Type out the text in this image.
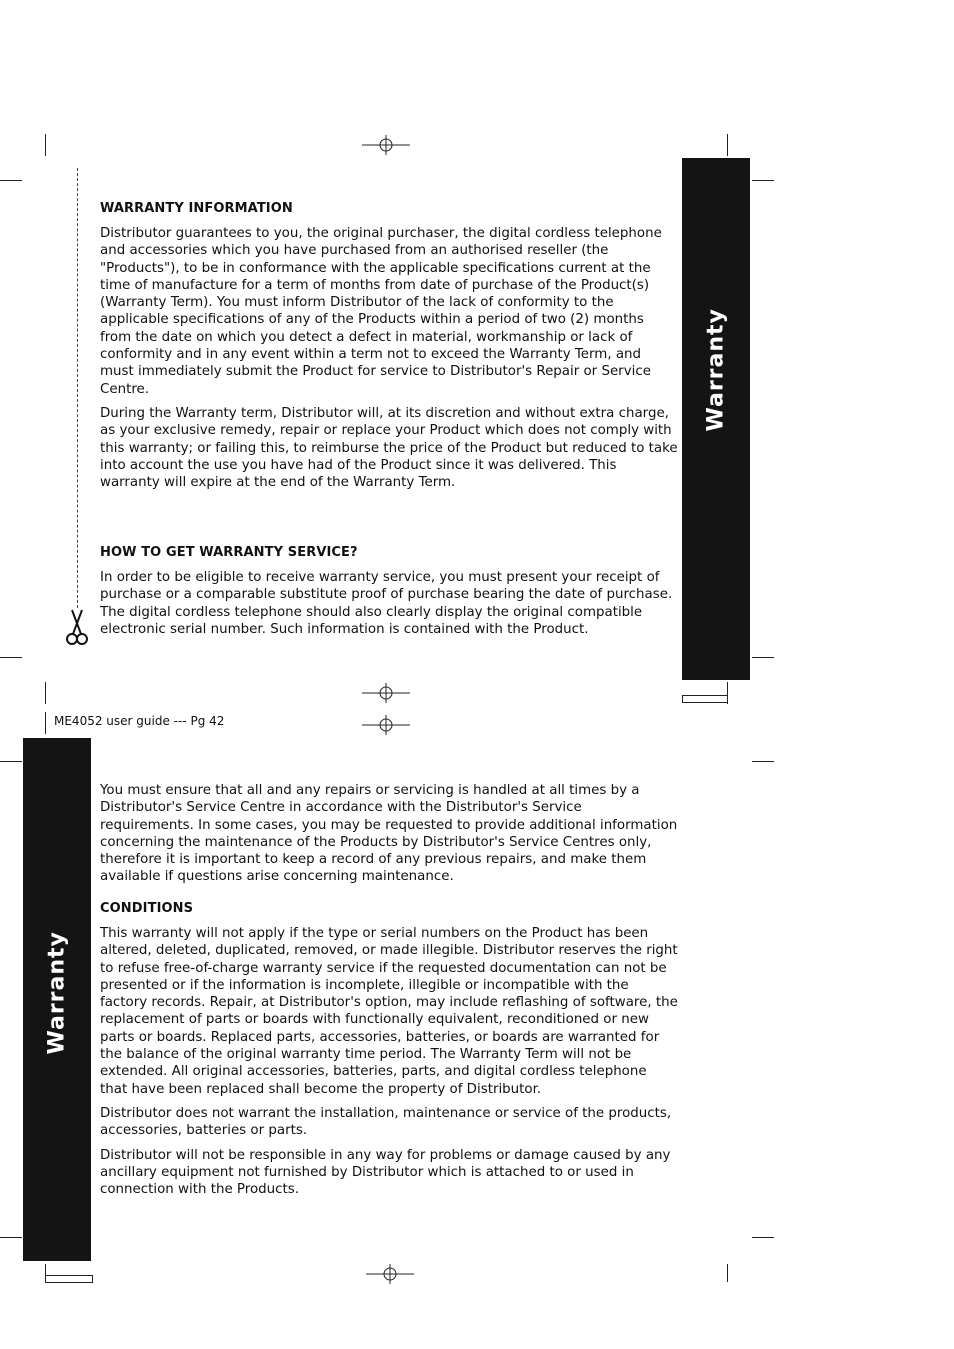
Warranty
WARRANTY INFORMATION

Distributor guarantees to you, the original purchaser, the digital cordless telephone and accessories which you have purchased from an authorised reseller (the "Products"), to be in conformance with the applicable specifications current at the time of manufacture for a term of months from date of purchase of the Product(s) (Warranty Term). You must inform Distributor of the lack of conformity to the applicable specifications of any of the Products within a period of two (2) months from the date on which you detect a defect in material, workmanship or lack of conformity and in any event within a term not to exceed the Warranty Term, and must immediately submit the Product for service to Distributor's Repair or Service Centre.

During the Warranty term, Distributor will, at its discretion and without extra charge, as your exclusive remedy, repair or replace your Product which does not comply with this warranty; or failing this, to reimburse the price of the Product but reduced to take into account the use you have had of the Product since it was delivered. This warranty will expire at the end of the Warranty Term.

HOW TO GET WARRANTY SERVICE?

In order to be eligible to receive warranty service, you must present your receipt of purchase or a comparable substitute proof of purchase bearing the date of purchase. The digital cordless telephone should also clearly display the original compatible electronic serial number. Such information is contained with the Product.

ME4052 user guide --- Pg 42
Warranty

You must ensure that all and any repairs or servicing is handled at all times by a Distributor's Service Centre in accordance with the Distributor's Service requirements. In some cases, you may be requested to provide additional information concerning the maintenance of the Products by Distributor's Service Centres only, therefore it is important to keep a record of any previous repairs, and make them available if questions arise concerning maintenance.

CONDITIONS

This warranty will not apply if the type or serial numbers on the Product has been altered, deleted, duplicated, removed, or made illegible. Distributor reserves the right to refuse free-of-charge warranty service if the requested documentation can not be presented or if the information is incomplete, illegible or incompatible with the factory records. Repair, at Distributor's option, may include reflashing of software, the replacement of parts or boards with functionally equivalent, reconditioned or new parts or boards. Replaced parts, accessories, batteries, or boards are warranted for the balance of the original warranty time period. The Warranty Term will not be extended. All original accessories, batteries, parts, and digital cordless telephone that have been replaced shall become the property of Distributor.

Distributor does not warrant the installation, maintenance or service of the products, accessories, batteries or parts.

Distributor will not be responsible in any way for problems or damage caused by any ancillary equipment not furnished by Distributor which is attached to or used in connection with the Products.
